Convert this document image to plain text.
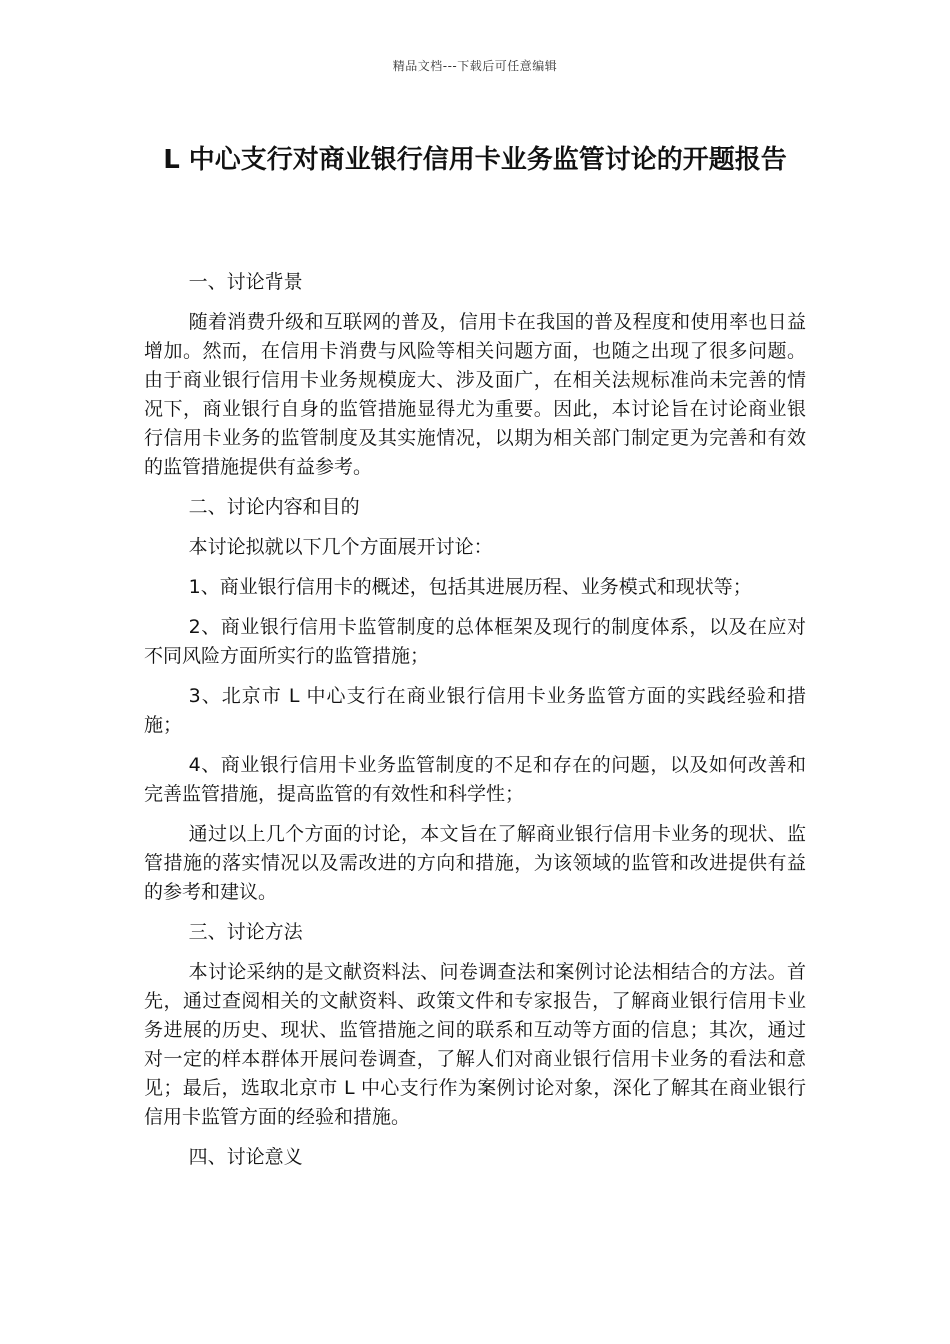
精品文档---下载后可任意编辑
L 中心支行对商业银行信用卡业务监管讨论的开题报告

一、讨论背景

随着消费升级和互联网的普及，信用卡在我国的普及程度和使用率也日益增加。然而，在信用卡消费与风险等相关问题方面，也随之出现了很多问题。由于商业银行信用卡业务规模庞大、涉及面广，在相关法规标准尚未完善的情况下，商业银行自身的监管措施显得尤为重要。因此，本讨论旨在讨论商业银行信用卡业务的监管制度及其实施情况，以期为相关部门制定更为完善和有效的监管措施提供有益参考。

二、讨论内容和目的

本讨论拟就以下几个方面展开讨论：

1、商业银行信用卡的概述，包括其进展历程、业务模式和现状等；

2、商业银行信用卡监管制度的总体框架及现行的制度体系，以及在应对不同风险方面所实行的监管措施；

3、北京市 L 中心支行在商业银行信用卡业务监管方面的实践经验和措施；

4、商业银行信用卡业务监管制度的不足和存在的问题，以及如何改善和完善监管措施，提高监管的有效性和科学性；

通过以上几个方面的讨论，本文旨在了解商业银行信用卡业务的现状、监管措施的落实情况以及需改进的方向和措施，为该领域的监管和改进提供有益的参考和建议。

三、讨论方法

本讨论采纳的是文献资料法、问卷调查法和案例讨论法相结合的方法。首先，通过查阅相关的文献资料、政策文件和专家报告，了解商业银行信用卡业务进展的历史、现状、监管措施之间的联系和互动等方面的信息；其次，通过对一定的样本群体开展问卷调查，了解人们对商业银行信用卡业务的看法和意见；最后，选取北京市 L 中心支行作为案例讨论对象，深化了解其在商业银行信用卡监管方面的经验和措施。

四、讨论意义
